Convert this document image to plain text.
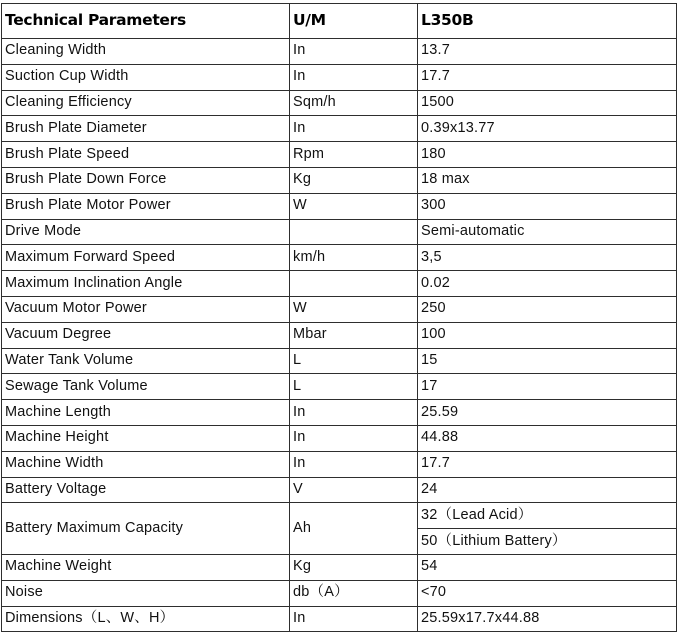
Technical Parameters	U/M	L350B
Cleaning Width	In	13.7
Suction Cup Width	In	17.7
Cleaning Efficiency	Sqm/h	1500
Brush Plate Diameter	In	0.39x13.77
Brush Plate Speed	Rpm	180
Brush Plate Down Force	Kg	18 max
Brush Plate Motor Power	W	300
Drive Mode		Semi-automatic
Maximum Forward Speed	km/h	3,5
Maximum Inclination Angle		0.02
Vacuum Motor Power	W	250
Vacuum Degree	Mbar	100
Water Tank Volume	L	15
Sewage Tank Volume	L	17
Machine Length	In	25.59
Machine Height	In	44.88
Machine Width	In	17.7
Battery Voltage	V	24
Battery Maximum Capacity	Ah	32（Lead Acid）
		50（Lithium Battery）
Machine Weight	Kg	54
Noise	db（A）	<70
Dimensions（L、W、H）	In	25.59x17.7x44.88
